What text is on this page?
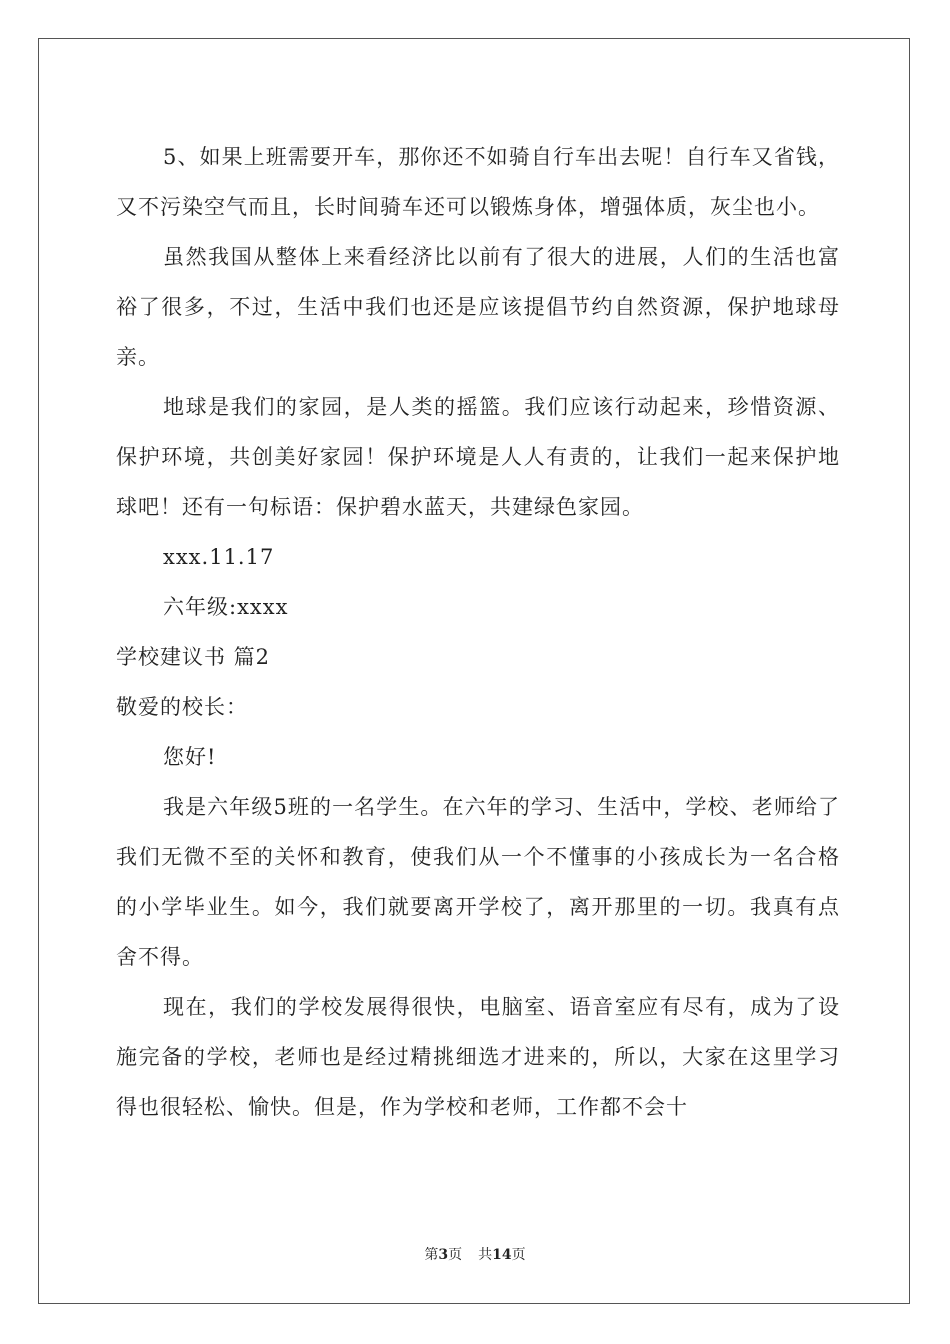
5、如果上班需要开车，那你还不如骑自行车出去呢！自行车又省钱，又不污染空气而且，长时间骑车还可以锻炼身体，增强体质，灰尘也小。

虽然我国从整体上来看经济比以前有了很大的进展，人们的生活也富裕了很多，不过，生活中我们也还是应该提倡节约自然资源，保护地球母亲。

地球是我们的家园，是人类的摇篮。我们应该行动起来，珍惜资源、保护环境，共创美好家园！保护环境是人人有责的，让我们一起来保护地球吧！还有一句标语：保护碧水蓝天，共建绿色家园。

xxx.11.17

六年级:xxxx

学校建议书 篇2

敬爱的校长：

您好!

我是六年级5班的一名学生。在六年的学习、生活中，学校、老师给了我们无微不至的关怀和教育，使我们从一个不懂事的小孩成长为一名合格的小学毕业生。如今，我们就要离开学校了，离开那里的一切。我真有点舍不得。

现在，我们的学校发展得很快，电脑室、语音室应有尽有，成为了设施完备的学校，老师也是经过精挑细选才进来的，所以，大家在这里学习得也很轻松、愉快。但是，作为学校和老师，工作都不会十

第3页 共14页
